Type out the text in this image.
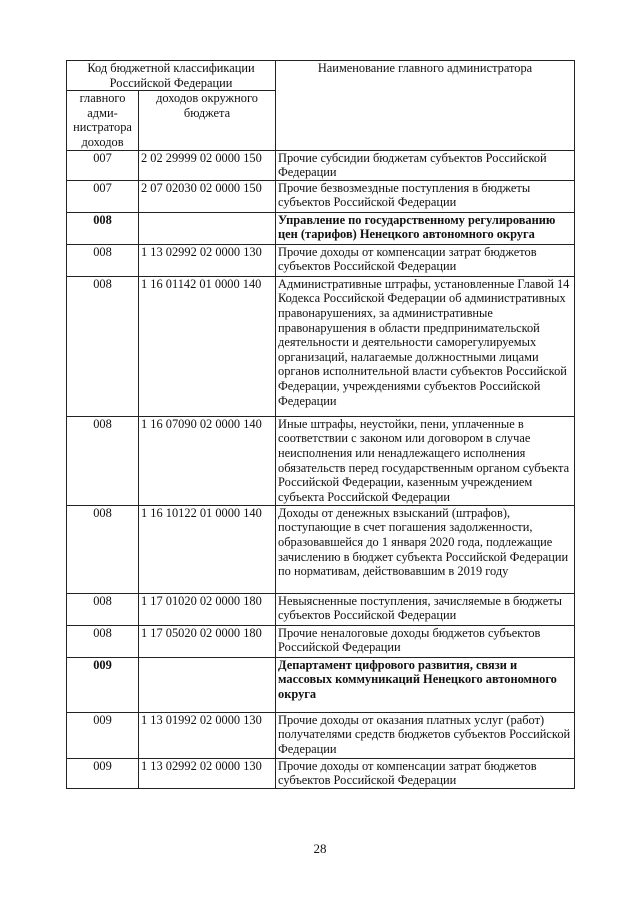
Код бюджетной классификации Российской Федерации		Наименование главного администратора
главного адми-нистратора доходов	доходов окружного бюджета	
007	2 02 29999 02 0000 150	Прочие субсидии бюджетам субъектов Российской Федерации
007	2 07 02030 02 0000 150	Прочие безвозмездные поступления в бюджеты субъектов Российской Федерации
008		Управление по государственному регулированию цен (тарифов) Ненецкого автономного округа
008	1 13 02992 02 0000 130	Прочие доходы от компенсации затрат бюджетов субъектов Российской Федерации
008	1 16 01142 01 0000 140	Административные штрафы, установленные Главой 14 Кодекса Российской Федерации об административных правонарушениях, за административные правонарушения в области предпринимательской деятельности и деятельности саморегулируемых организаций, налагаемые должностными лицами органов исполнительной власти субъектов Российской Федерации, учреждениями субъектов Российской Федерации
008	1 16 07090 02 0000 140	Иные штрафы, неустойки, пени, уплаченные в соответствии с законом или договором в случае неисполнения или ненадлежащего исполнения обязательств перед государственным органом субъекта Российской Федерации, казенным учреждением субъекта Российской Федерации
008	1 16 10122 01 0000 140	Доходы от денежных взысканий (штрафов), поступающие в счет погашения задолженности, образовавшейся до 1 января 2020 года, подлежащие зачислению в бюджет субъекта Российской Федерации по нормативам, действовавшим в 2019 году
008	1 17 01020 02 0000 180	Невыясненные поступления, зачисляемые в бюджеты субъектов Российской Федерации
008	1 17 05020 02 0000 180	Прочие неналоговые доходы бюджетов субъектов Российской Федерации
009		Департамент цифрового развития, связи и массовых коммуникаций Ненецкого автономного округа
009	1 13 01992 02 0000 130	Прочие доходы от оказания платных услуг (работ) получателями средств бюджетов субъектов Российской Федерации
009	1 13 02992 02 0000 130	Прочие доходы от компенсации затрат бюджетов субъектов Российской Федерации
28
